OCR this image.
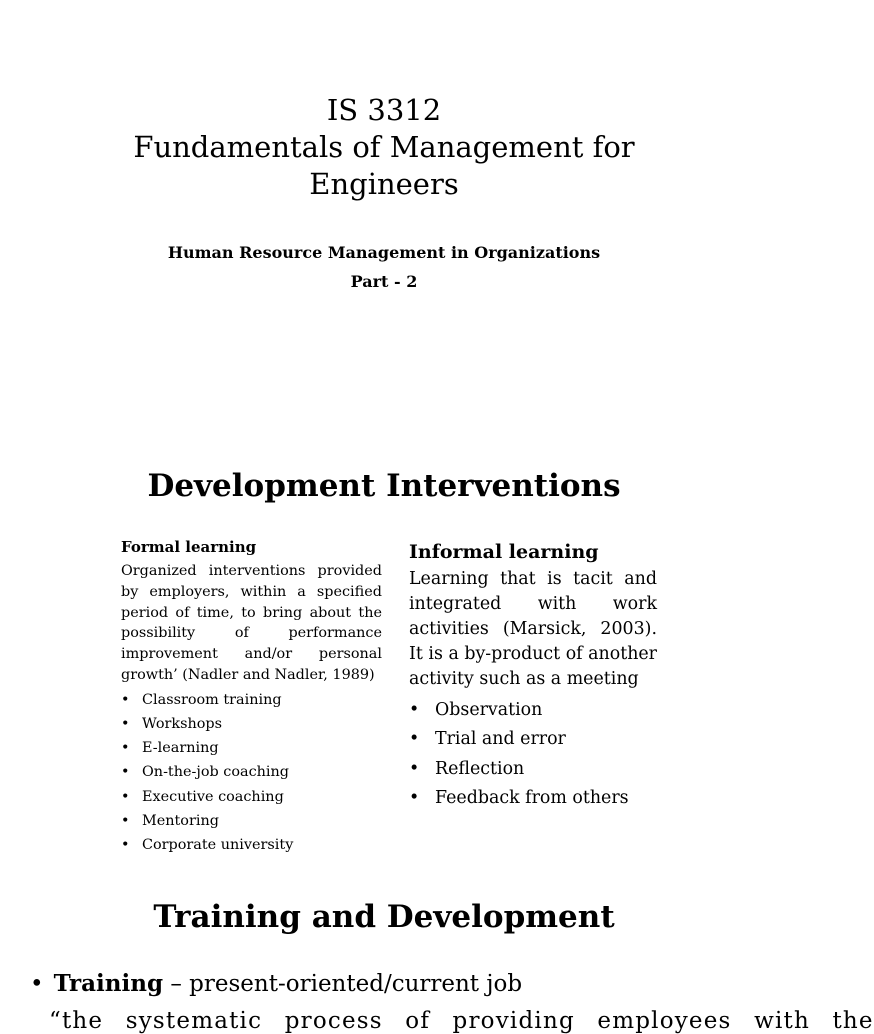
IS 3312
Fundamentals of Management for
Engineers
Human Resource Management in Organizations
Part - 2
Development Interventions
Formal learning
Organized interventions provided by employers, within a specified period of time, to bring about the possibility of performance improvement and/or personal growth’ (Nadler and Nadler, 1989)
• Classroom training
• Workshops
• E-learning
• On-the-job coaching
• Executive coaching
• Mentoring
• Corporate university
Informal learning
Learning that is tacit and integrated with work activities (Marsick, 2003). It is a by-product of another activity such as a meeting
• Observation
• Trial and error
• Reflection
• Feedback from others
Training and Development
• Training – present-oriented/current job
“the systematic process of providing employees with the
